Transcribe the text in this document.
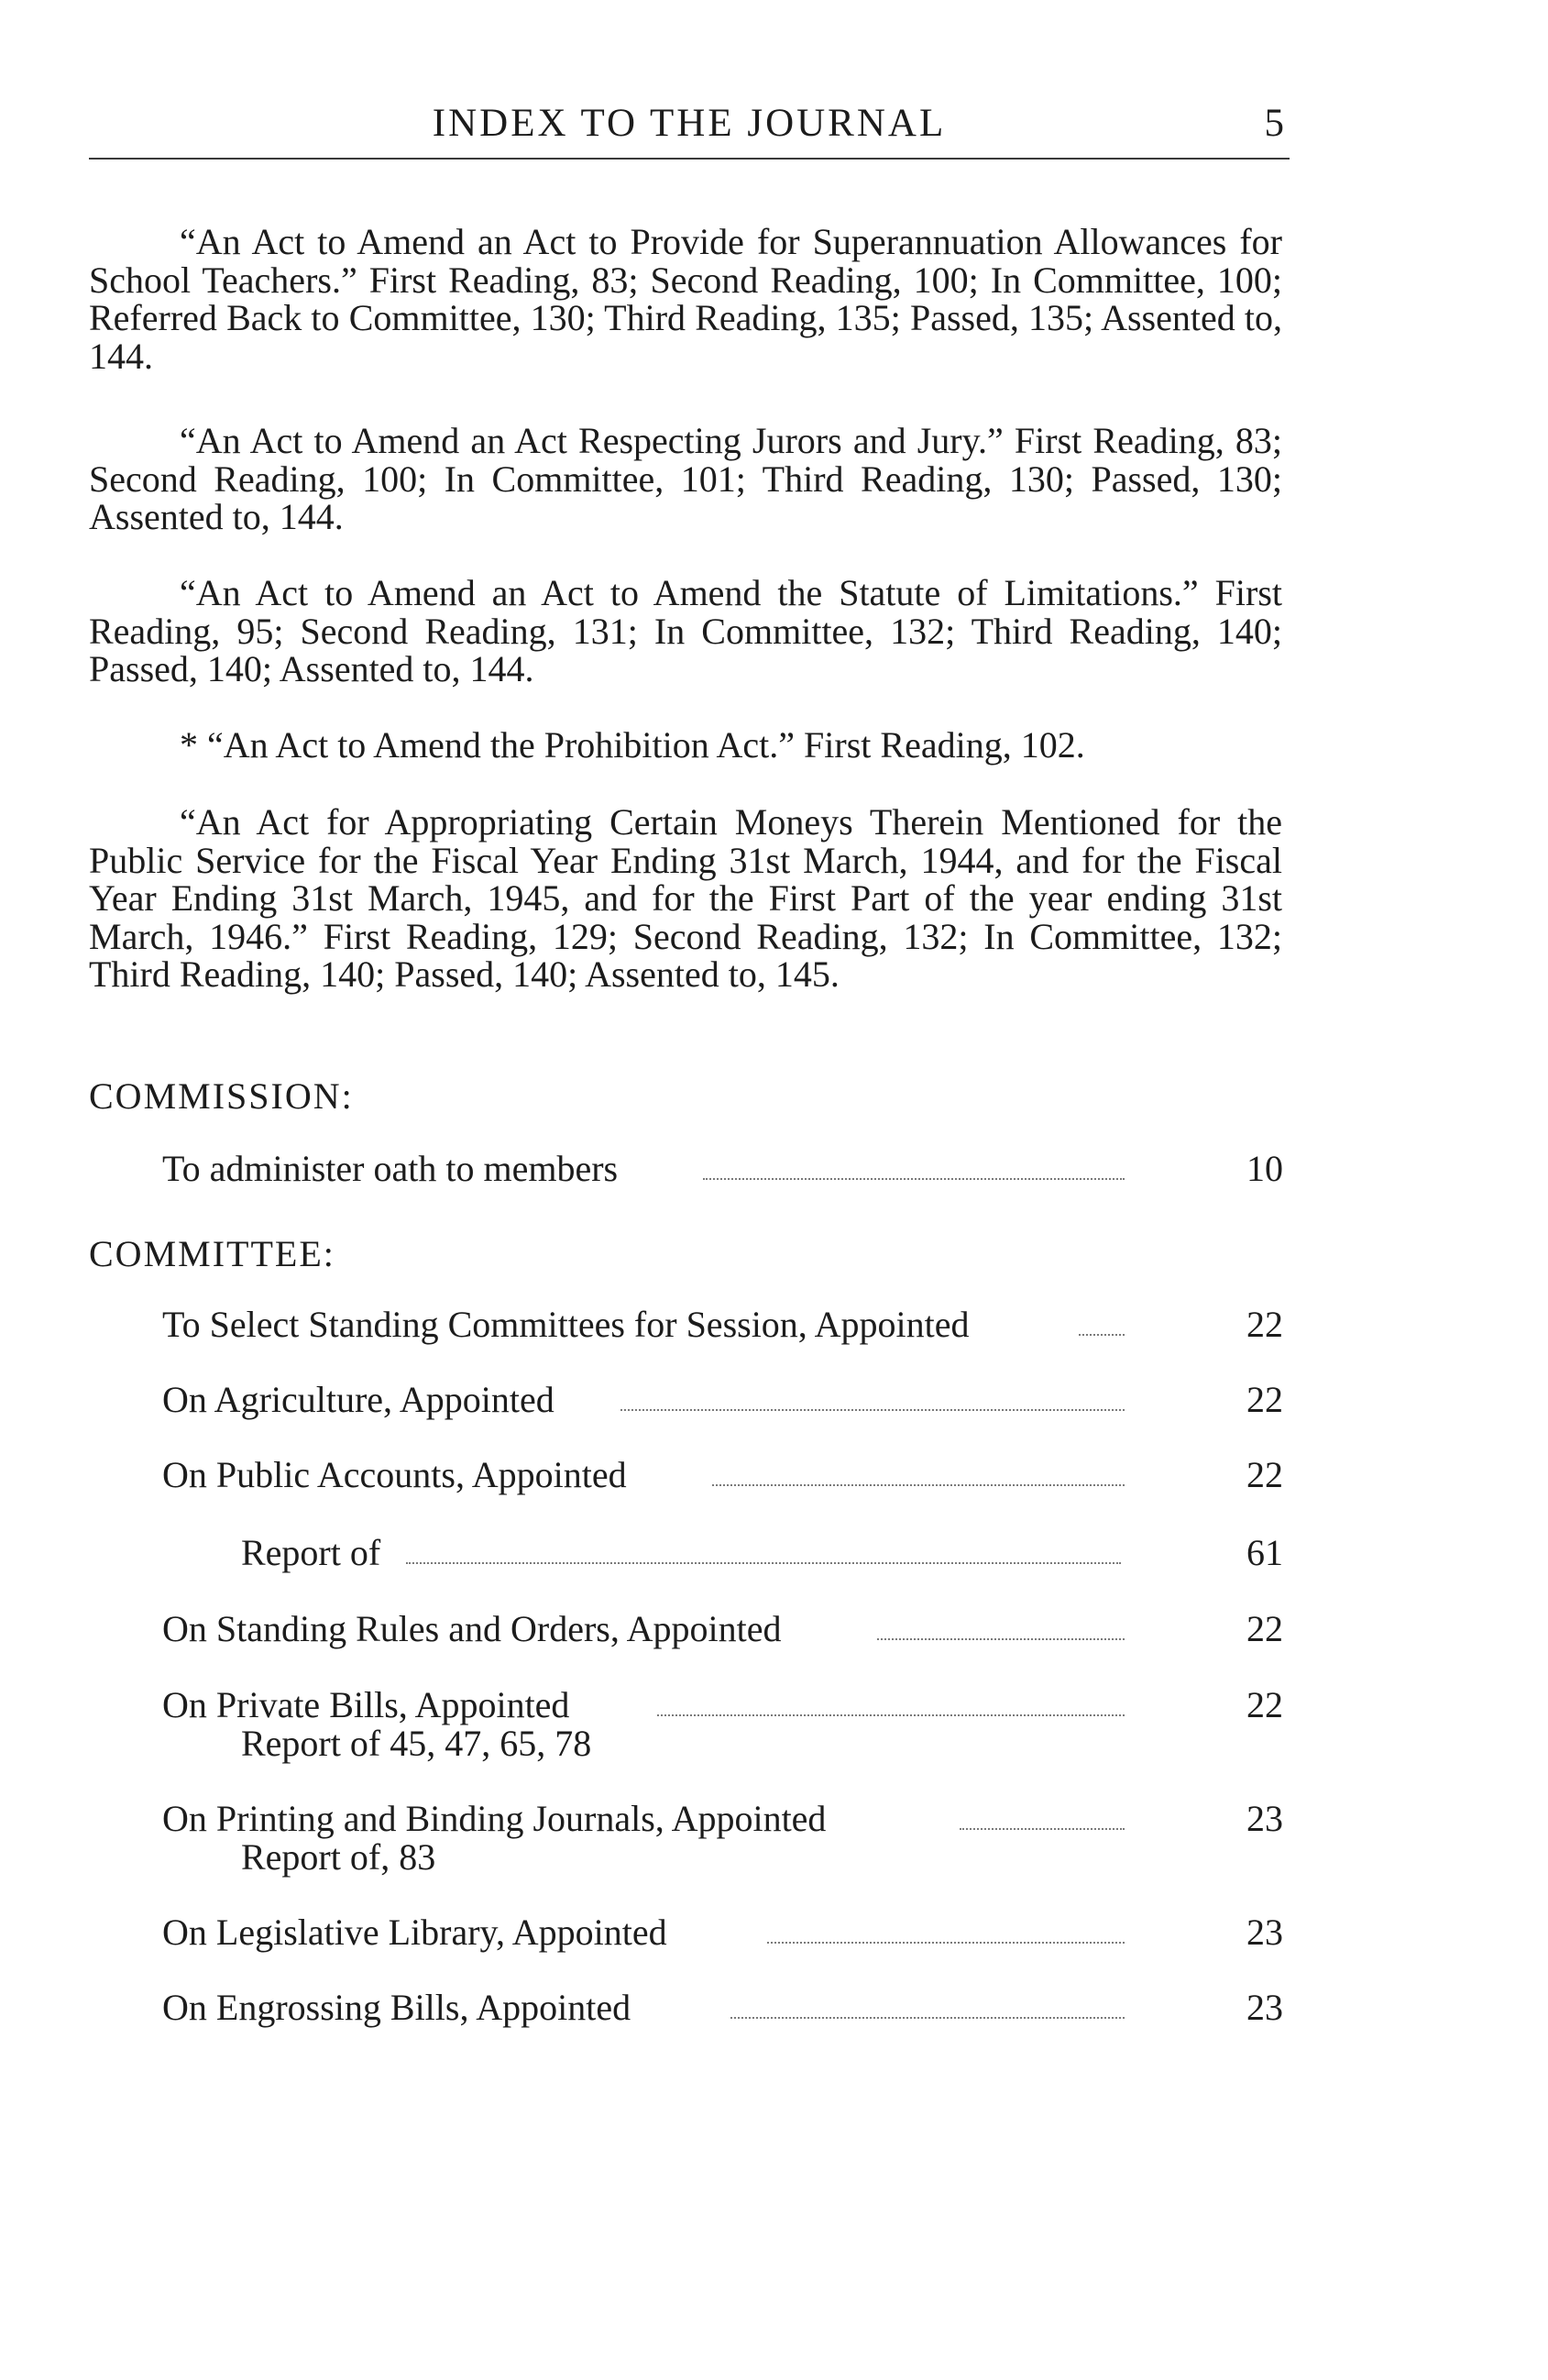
INDEX TO THE JOURNAL	5

“An Act to Amend an Act to Provide for Superannuation Allowances for School Teachers.” First Reading, 83; Second Reading, 100; In Committee, 100; Referred Back to Committee, 130; Third Reading, 135; Passed, 135; Assented to, 144.

“An Act to Amend an Act Respecting Jurors and Jury.” First Reading, 83; Second Reading, 100; In Committee, 101; Third Reading, 130; Passed, 130; Assented to, 144.

“An Act to Amend an Act to Amend the Statute of Limitations.” First Reading, 95; Second Reading, 131; In Committee, 132; Third Reading, 140; Passed, 140; Assented to, 144.

* “An Act to Amend the Prohibition Act.” First Reading, 102.

“An Act for Appropriating Certain Moneys Therein Mentioned for the Public Service for the Fiscal Year Ending 31st March, 1944, and for the Fiscal Year Ending 31st March, 1945, and for the First Part of the year ending 31st March, 1946.” First Reading, 129; Second Reading, 132; In Committee, 132; Third Reading, 140; Passed, 140; Assented to, 145.

COMMISSION:
To administer oath to members	10
COMMITTEE:
To Select Standing Committees for Session, Appointed	22
On Agriculture, Appointed	22
On Public Accounts, Appointed	22
Report of	61
On Standing Rules and Orders, Appointed	22
On Private Bills, Appointed	22
Report of 45, 47, 65, 78
On Printing and Binding Journals, Appointed	23
Report of, 83
On Legislative Library, Appointed	23
On Engrossing Bills, Appointed	23
